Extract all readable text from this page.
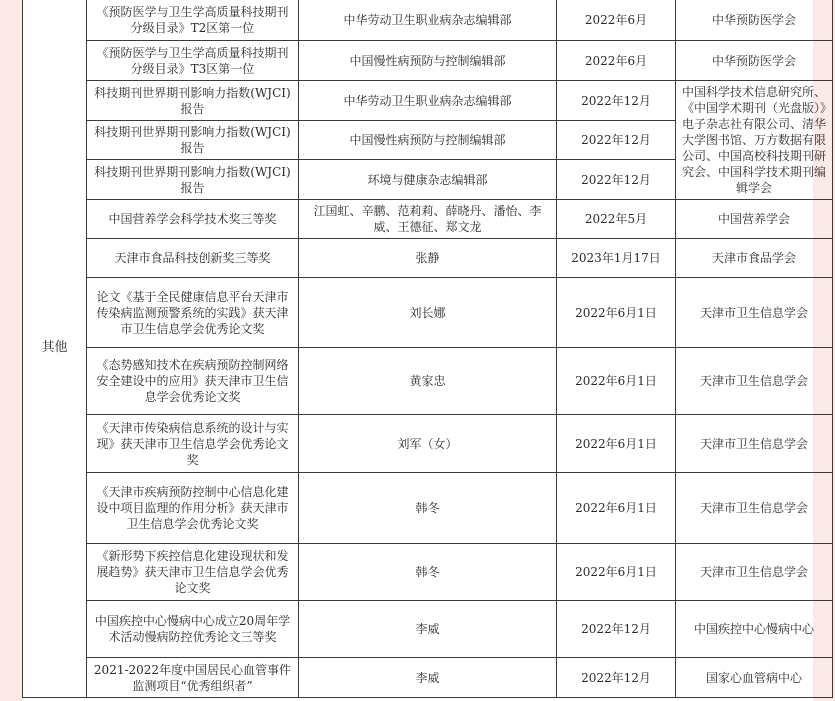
其他	《预防医学与卫生学高质量科技期刊分级目录》T2区第一位	中华劳动卫生职业病杂志编辑部	2022年6月	中华预防医学会
	《预防医学与卫生学高质量科技期刊分级目录》T3区第一位	中国慢性病预防与控制编辑部	2022年6月	中华预防医学会
	科技期刊世界期刊影响力指数(WJCI)报告	中华劳动卫生职业病杂志编辑部	2022年12月	中国科学技术信息研究所、《中国学术期刊（光盘版）》电子杂志社有限公司、清华大学图书馆、万方数据有限公司、中国高校科技期刊研究会、中国科学技术期刊编辑学会
	科技期刊世界期刊影响力指数(WJCI)报告	中国慢性病预防与控制编辑部	2022年12月	
	科技期刊世界期刊影响力指数(WJCI)报告	环境与健康杂志编辑部	2022年12月	
	中国营养学会科学技术奖三等奖	江国虹、辛鹏、范莉莉、薛晓丹、潘怡、李威、王德征、郑文龙	2022年5月	中国营养学会
	天津市食品科技创新奖三等奖	张静	2023年1月17日	天津市食品学会
	论文《基于全民健康信息平台天津市传染病监测预警系统的实践》获天津市卫生信息学会优秀论文奖	刘长娜	2022年6月1日	天津市卫生信息学会
	《态势感知技术在疾病预防控制网络安全建设中的应用》获天津市卫生信息学会优秀论文奖	黄家忠	2022年6月1日	天津市卫生信息学会
	《天津市传染病信息系统的设计与实现》获天津市卫生信息学会优秀论文奖	刘军（女）	2022年6月1日	天津市卫生信息学会
	《天津市疾病预防控制中心信息化建设中项目监理的作用分析》获天津市卫生信息学会优秀论文奖	韩冬	2022年6月1日	天津市卫生信息学会
	《新形势下疾控信息化建设现状和发展趋势》获天津市卫生信息学会优秀论文奖	韩冬	2022年6月1日	天津市卫生信息学会
	中国疾控中心慢病中心成立20周年学术活动慢病防控优秀论文三等奖	李威	2022年12月	中国疾控中心慢病中心
	2021-2022年度中国居民心血管事件监测项目“优秀组织者”	李威	2022年12月	国家心血管病中心
